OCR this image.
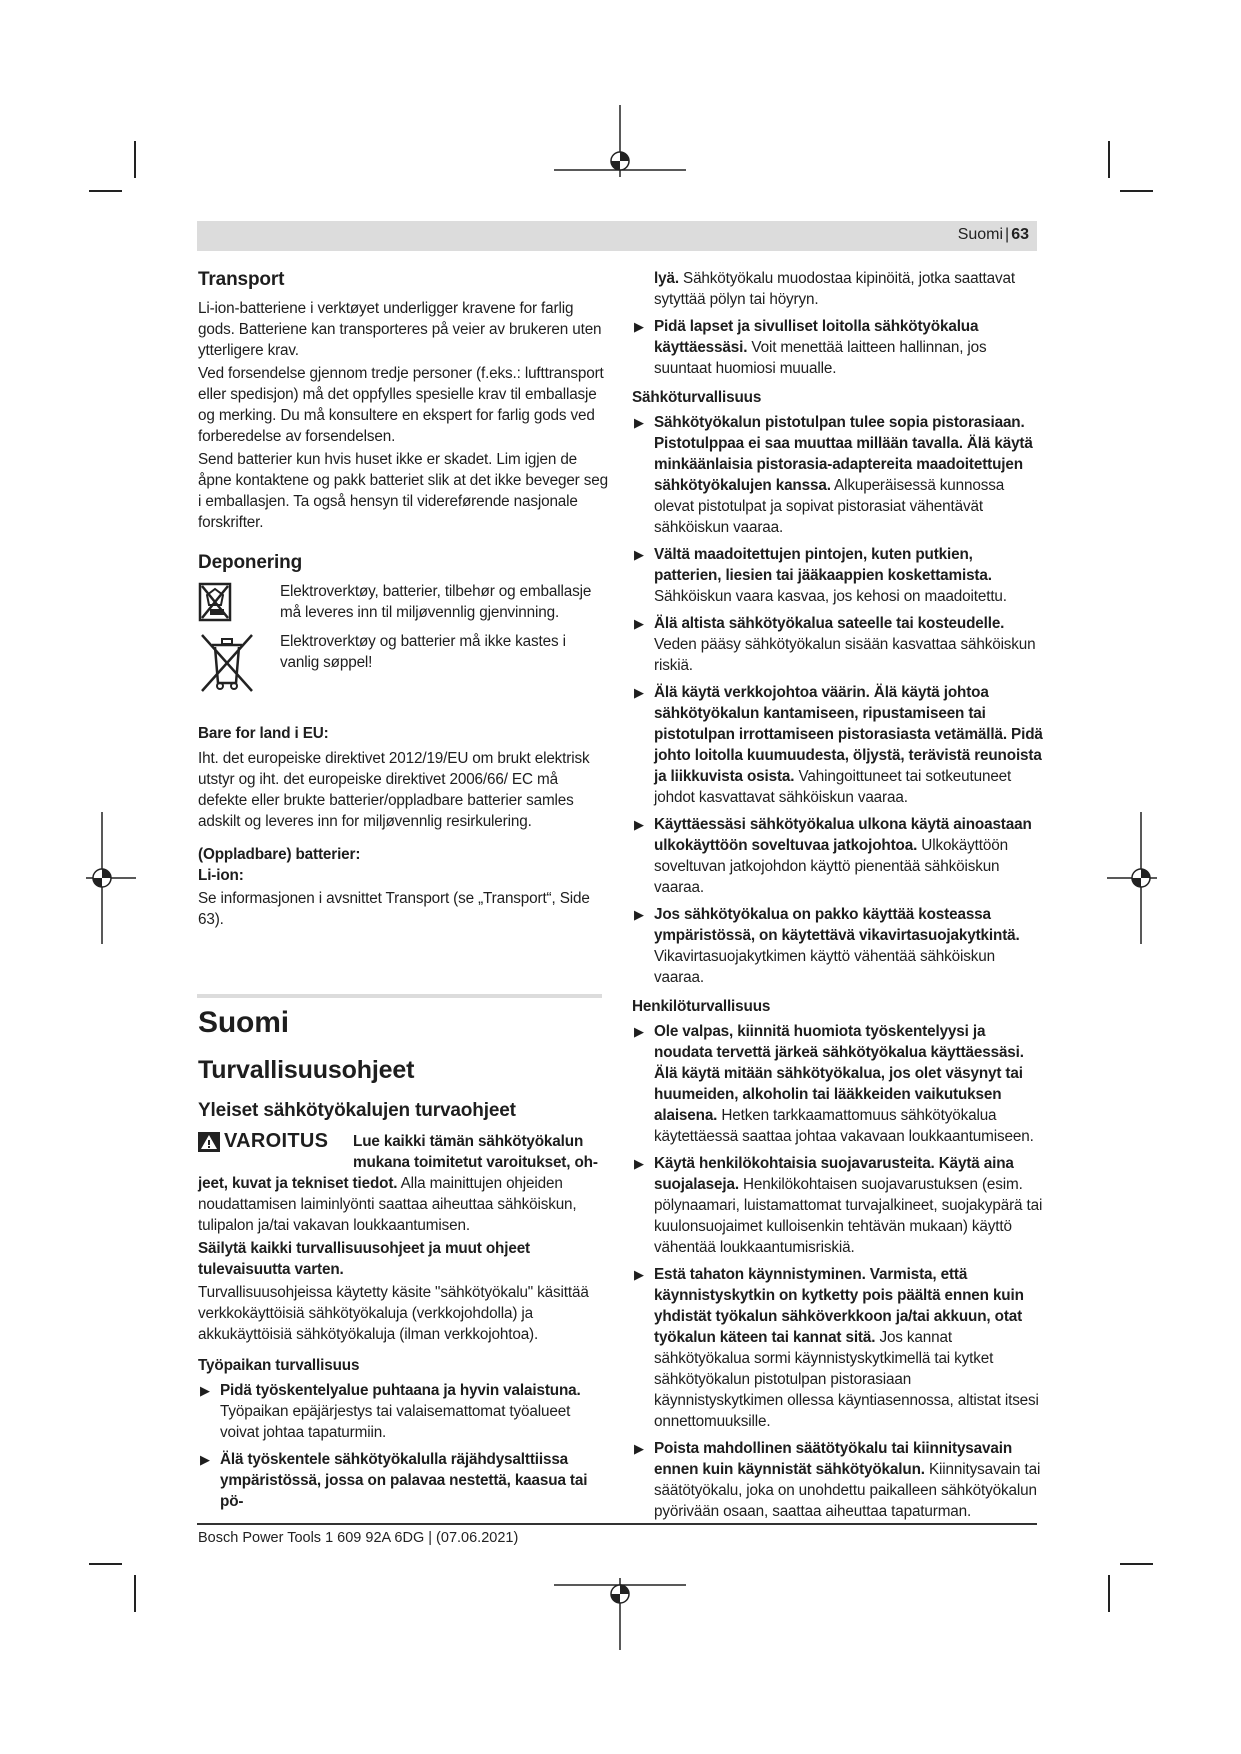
Suomi | 63
Transport

Li-ion-batteriene i verktøyet underligger kravene for farlig gods. Batteriene kan transporteres på veier av brukeren uten ytterligere krav.

Ved forsendelse gjennom tredje personer (f.eks.: lufttransport eller spedisjon) må det oppfylles spesielle krav til emballasje og merking. Du må konsultere en ekspert for farlig gods ved forberedelse av forsendelsen.

Send batterier kun hvis huset ikke er skadet. Lim igjen de åpne kontaktene og pakk batteriet slik at det ikke beveger seg i emballasjen. Ta også hensyn til videreførende nasjonale forskrifter.

Deponering
Elektroverktøy, batterier, tilbehør og emballasje må leveres inn til miljøvennlig gjenvinning.
Elektroverktøy og batterier må ikke kastes i vanlig søppel!
Bare for land i EU:

Iht. det europeiske direktivet 2012/19/EU om brukt elektrisk utstyr og iht. det europeiske direktivet 2006/66/ EC må defekte eller brukte batterier/oppladbare batterier samles adskilt og leveres inn for miljøvennlig resirkulering.

(Oppladbare) batterier:
Li-ion:

Se informasjonen i avsnittet Transport (se „Transport“, Side 63).

Suomi
Turvallisuusohjeet
Yleiset sähkötyökalujen turvaohjeet
VAROITUS Lue kaikki tämän sähkötyökalun mukana toimitetut varoitukset, oh-

jeet, kuvat ja tekniset tiedot. Alla mainittujen ohjeiden noudattamisen laiminlyönti saattaa aiheuttaa sähköiskun, tulipalon ja/tai vakavan loukkaantumisen.

Säilytä kaikki turvallisuusohjeet ja muut ohjeet tulevaisuutta varten.

Turvallisuusohjeissa käytetty käsite "sähkötyökalu" käsittää verkkokäyttöisiä sähkötyökaluja (verkkojohdolla) ja akkukäyttöisiä sähkötyökaluja (ilman verkkojohtoa).

Työpaikan turvallisuus
▶ Pidä työskentelyalue puhtaana ja hyvin valaistuna. Työpaikan epäjärjestys tai valaisemattomat työalueet voivat johtaa tapaturmiin.
▶ Älä työskentele sähkötyökalulla räjähdysalttiissa ympäristössä, jossa on palavaa nestettä, kaasua tai pö-
lyä. Sähkötyökalu muodostaa kipinöitä, jotka saattavat sytyttää pölyn tai höyryn.
▶ Pidä lapset ja sivulliset loitolla sähkötyökalua käyttäessäsi. Voit menettää laitteen hallinnan, jos suuntaat huomiosi muualle.
Sähköturvallisuus
▶ Sähkötyökalun pistotulpan tulee sopia pistorasiaan. Pistotulppaa ei saa muuttaa millään tavalla. Älä käytä minkäänlaisia pistorasia-adaptereita maadoitettujen sähkötyökalujen kanssa. Alkuperäisessä kunnossa olevat pistotulpat ja sopivat pistorasiat vähentävät sähköiskun vaaraa.
▶ Vältä maadoitettujen pintojen, kuten putkien, patterien, liesien tai jääkaappien koskettamista. Sähköiskun vaara kasvaa, jos kehosi on maadoitettu.
▶ Älä altista sähkötyökalua sateelle tai kosteudelle. Veden pääsy sähkötyökalun sisään kasvattaa sähköiskun riskiä.
▶ Älä käytä verkkojohtoa väärin. Älä käytä johtoa sähkötyökalun kantamiseen, ripustamiseen tai pistotulpan irrottamiseen pistorasiasta vetämällä. Pidä johto loitolla kuumuudesta, öljystä, terävistä reunoista ja liikkuvista osista. Vahingoittuneet tai sotkeutuneet johdot kasvattavat sähköiskun vaaraa.
▶ Käyttäessäsi sähkötyökalua ulkona käytä ainoastaan ulkokäyttöön soveltuvaa jatkojohtoa. Ulkokäyttöön soveltuvan jatkojohdon käyttö pienentää sähköiskun vaaraa.
▶ Jos sähkötyökalua on pakko käyttää kosteassa ympäristössä, on käytettävä vikavirtasuojakytkintä. Vikavirtasuojakytkimen käyttö vähentää sähköiskun vaaraa.
Henkilöturvallisuus
▶ Ole valpas, kiinnitä huomiota työskentelyysi ja noudata tervettä järkeä sähkötyökalua käyttäessäsi. Älä käytä mitään sähkötyökalua, jos olet väsynyt tai huumeiden, alkoholin tai lääkkeiden vaikutuksen alaisena. Hetken tarkkaamattomuus sähkötyökalua käytettäessä saattaa johtaa vakavaan loukkaantumiseen.
▶ Käytä henkilökohtaisia suojavarusteita. Käytä aina suojalaseja. Henkilökohtaisen suojavarustuksen (esim. pölynaamari, luistamattomat turvajalkineet, suojakypärä tai kuulonsuojaimet kulloisenkin tehtävän mukaan) käyttö vähentää loukkaantumisriskiä.
▶ Estä tahaton käynnistyminen. Varmista, että käynnistyskytkin on kytketty pois päältä ennen kuin yhdistät työkalun sähköverkkoon ja/tai akkuun, otat työkalun käteen tai kannat sitä. Jos kannat sähkötyökalua sormi käynnistyskytkimellä tai kytket sähkötyökalun pistotulpan pistorasiaan käynnistyskytkimen ollessa käyntiasennossa, altistat itsesi onnettomuuksille.
▶ Poista mahdollinen säätötyökalu tai kiinnitysavain ennen kuin käynnistät sähkötyökalun. Kiinnitysavain tai säätötyökalu, joka on unohdettu paikalleen sähkötyökalun pyörivään osaan, saattaa aiheuttaa tapaturman.
Bosch Power Tools 1 609 92A 6DG | (07.06.2021)
